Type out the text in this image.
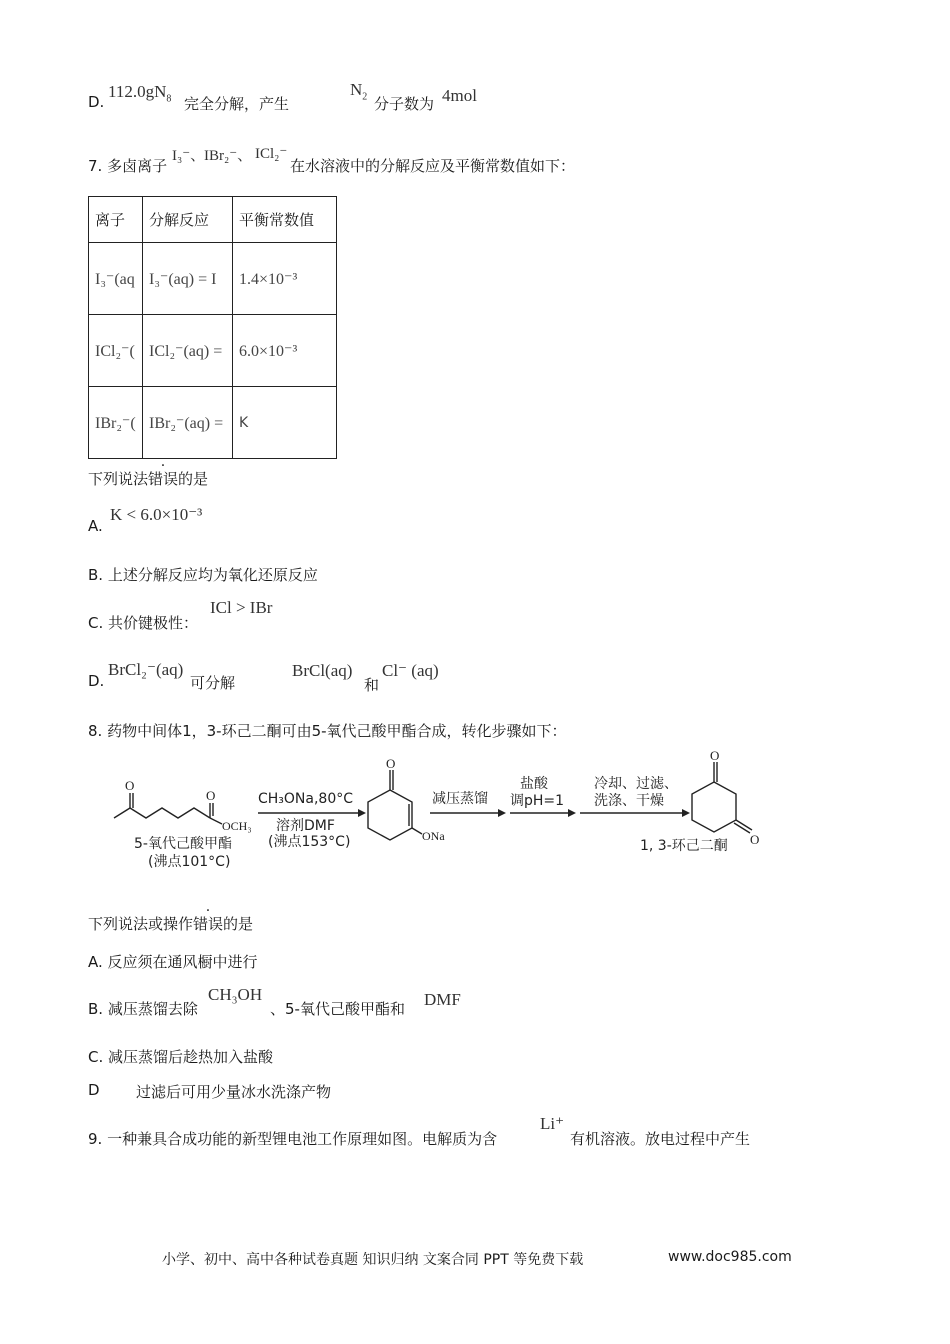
D.
$112.0gN_8$ 完全分解，产生
$N_2$ 分子数为 4mol
7. 多卤离子
I₃⁻、
IBr₂⁻、 ICl₂⁻
在水溶液中的分解反应及平衡常数值如下：
离子	分解反应	平衡常数值
I₃⁻(aq	I₃⁻(aq) = I	1.4×10⁻³
ICl₂⁻(	ICl₂⁻(aq) =	6.0×10⁻³
IBr₂⁻(	IBr₂⁻(aq) =	K
下列说法错误的是
A.
K < 6.0×10⁻³
B. 上述分解反应均为氧化还原反应
C. 共价键极性：
ICl > IBr
D.
BrCl₂⁻(aq)
可分解
BrCl(aq)
和
Cl⁻ (aq)
8. 药物中间体1，3-环己二酮可由5-氧代己酸甲酯合成，转化步骤如下：
O
O
OCH₃
5-氧代己酸甲酯
(沸点101°C)
CH₃ONa,80°C
溶剂DMF
(沸点153°C)
O
ONa
减压蒸馏
盐酸
调pH=1
冷却、过滤、
洗涤、干燥
O
O
1, 3-环己二酮
下列说法或操作错误的是
A. 反应须在通风橱中进行
B. 减压蒸馏去除
CH₃OH
、5-氧代己酸甲酯和 DMF
C. 减压蒸馏后趁热加入盐酸
D 过滤后可用少量冰水洗涤产物
9. 一种兼具合成功能的新型锂电池工作原理如图。电解质为含
Li⁺
有机溶液。放电过程中产生
小学、初中、高中各种试卷真题 知识归纳 文案合同 PPT 等免费下载	www.doc985.com
